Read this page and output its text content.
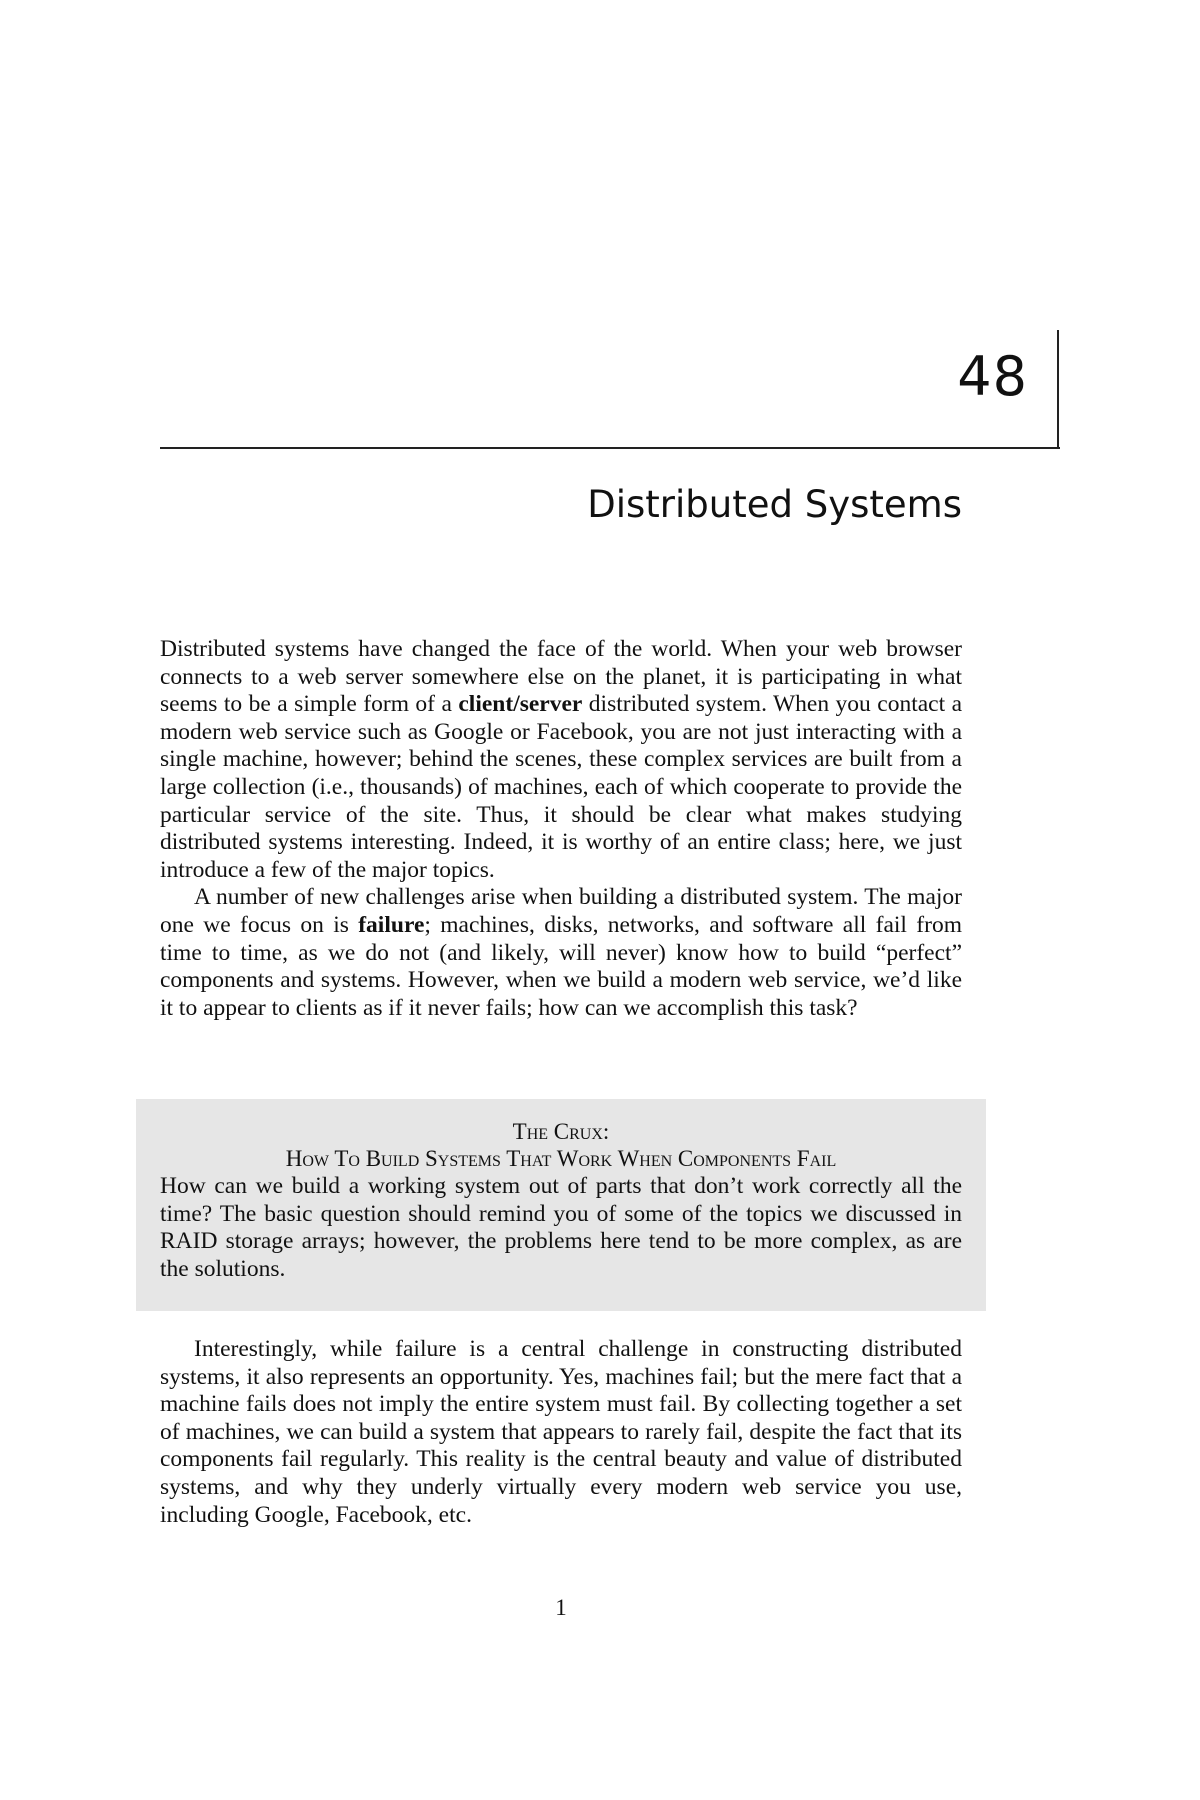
48
Distributed Systems

Distributed systems have changed the face of the world. When your web browser connects to a web server somewhere else on the planet, it is participating in what seems to be a simple form of a client/server distributed system. When you contact a modern web service such as Google or Facebook, you are not just interacting with a single machine, however; behind the scenes, these complex services are built from a large collection (i.e., thousands) of machines, each of which cooperate to provide the particular service of the site. Thus, it should be clear what makes studying distributed systems interesting. Indeed, it is worthy of an entire class; here, we just introduce a few of the major topics.

A number of new challenges arise when building a distributed system. The major one we focus on is failure; machines, disks, networks, and software all fail from time to time, as we do not (and likely, will never) know how to build “perfect” components and systems. However, when we build a modern web service, we’d like it to appear to clients as if it never fails; how can we accomplish this task?

The Crux:
How To Build Systems That Work When Components Fail
How can we build a working system out of parts that don’t work correctly all the time? The basic question should remind you of some of the topics we discussed in RAID storage arrays; however, the problems here tend to be more complex, as are the solutions.

Interestingly, while failure is a central challenge in constructing distributed systems, it also represents an opportunity. Yes, machines fail; but the mere fact that a machine fails does not imply the entire system must fail. By collecting together a set of machines, we can build a system that appears to rarely fail, despite the fact that its components fail regularly. This reality is the central beauty and value of distributed systems, and why they underly virtually every modern web service you use, including Google, Facebook, etc.

1
